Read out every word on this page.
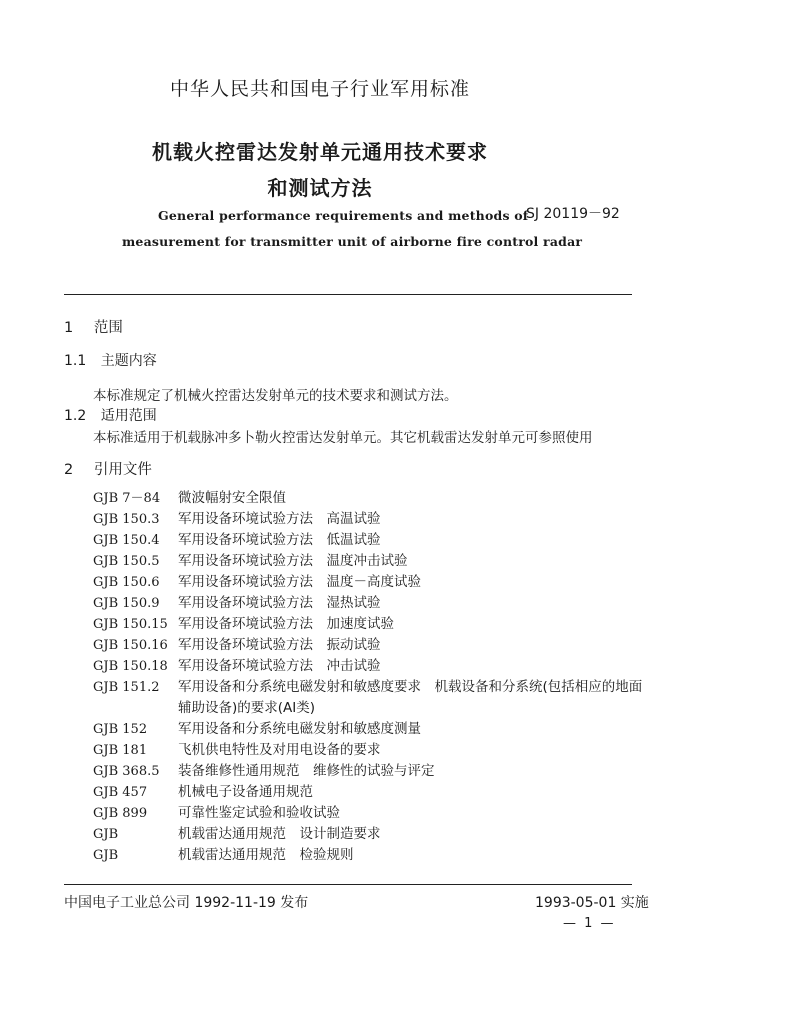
中华人民共和国电子行业军用标准
机载火控雷达发射单元通用技术要求
和测试方法
SJ 20119－92
General performance requirements and methods of
measurement for transmitter unit of airborne fire control radar
1 范围
1.1 主题内容
本标准规定了机械火控雷达发射单元的技术要求和测试方法。
1.2 适用范围
本标准适用于机载脉冲多卜勒火控雷达发射单元。其它机载雷达发射单元可参照使用
2 引用文件
GJB 7－84	微波幅射安全限值
GJB 150.3	军用设备环境试验方法　高温试验
GJB 150.4	军用设备环境试验方法　低温试验
GJB 150.5	军用设备环境试验方法　温度冲击试验
GJB 150.6	军用设备环境试验方法　温度－高度试验
GJB 150.9	军用设备环境试验方法　湿热试验
GJB 150.15 军用设备环境试验方法　加速度试验
GJB 150.16 军用设备环境试验方法　振动试验
GJB 150.18 军用设备环境试验方法　冲击试验
GJB 151.2	军用设备和分系统电磁发射和敏感度要求　机载设备和分系统(包括相应的地面辅助设备)的要求(AI类)
GJB 152	军用设备和分系统电磁发射和敏感度测量
GJB 181	飞机供电特性及对用电设备的要求
GJB 368.5	装备维修性通用规范　维修性的试验与评定
GJB 457	机械电子设备通用规范
GJB 899	可靠性鉴定试验和验收试验
GJB	机载雷达通用规范　设计制造要求
GJB	机载雷达通用规范　检验规则
中国电子工业总公司 1992-11-19 发布	1993-05-01 实施
— 1 —
